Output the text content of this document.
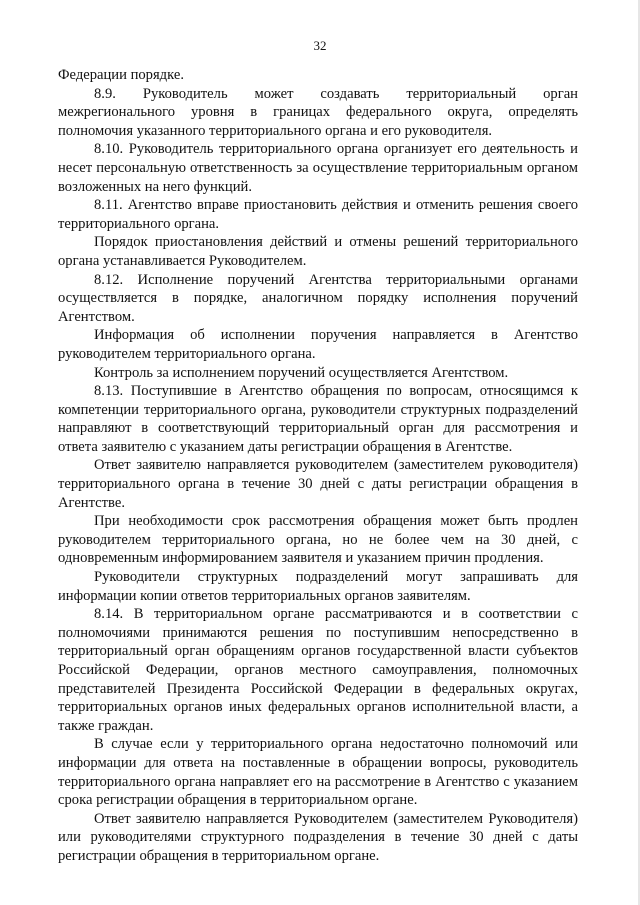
32

Федерации порядке.

8.9. Руководитель может создавать территориальный орган межрегионального уровня в границах федерального округа, определять полномочия указанного территориального органа и его руководителя.

8.10. Руководитель территориального органа организует его деятельность и несет персональную ответственность за осуществление территориальным органом возложенных на него функций.

8.11. Агентство вправе приостановить действия и отменить решения своего территориального органа.

Порядок приостановления действий и отмены решений территориального органа устанавливается Руководителем.

8.12. Исполнение поручений Агентства территориальными органами осуществляется в порядке, аналогичном порядку исполнения поручений Агентством.

Информация об исполнении поручения направляется в Агентство руководителем территориального органа.

Контроль за исполнением поручений осуществляется Агентством.

8.13. Поступившие в Агентство обращения по вопросам, относящимся к компетенции территориального органа, руководители структурных подразделений направляют в соответствующий территориальный орган для рассмотрения и ответа заявителю с указанием даты регистрации обращения в Агентстве.

Ответ заявителю направляется руководителем (заместителем руководителя) территориального органа в течение 30 дней с даты регистрации обращения в Агентстве.

При необходимости срок рассмотрения обращения может быть продлен руководителем территориального органа, но не более чем на 30 дней, с одновременным информированием заявителя и указанием причин продления.

Руководители структурных подразделений могут запрашивать для информации копии ответов территориальных органов заявителям.

8.14. В территориальном органе рассматриваются и в соответствии с полномочиями принимаются решения по поступившим непосредственно в территориальный орган обращениям органов государственной власти субъектов Российской Федерации, органов местного самоуправления, полномочных представителей Президента Российской Федерации в федеральных округах, территориальных органов иных федеральных органов исполнительной власти, а также граждан.

В случае если у территориального органа недостаточно полномочий или информации для ответа на поставленные в обращении вопросы, руководитель территориального органа направляет его на рассмотрение в Агентство с указанием срока регистрации обращения в территориальном органе.

Ответ заявителю направляется Руководителем (заместителем Руководителя) или руководителями структурного подразделения в течение 30 дней с даты регистрации обращения в территориальном органе.
